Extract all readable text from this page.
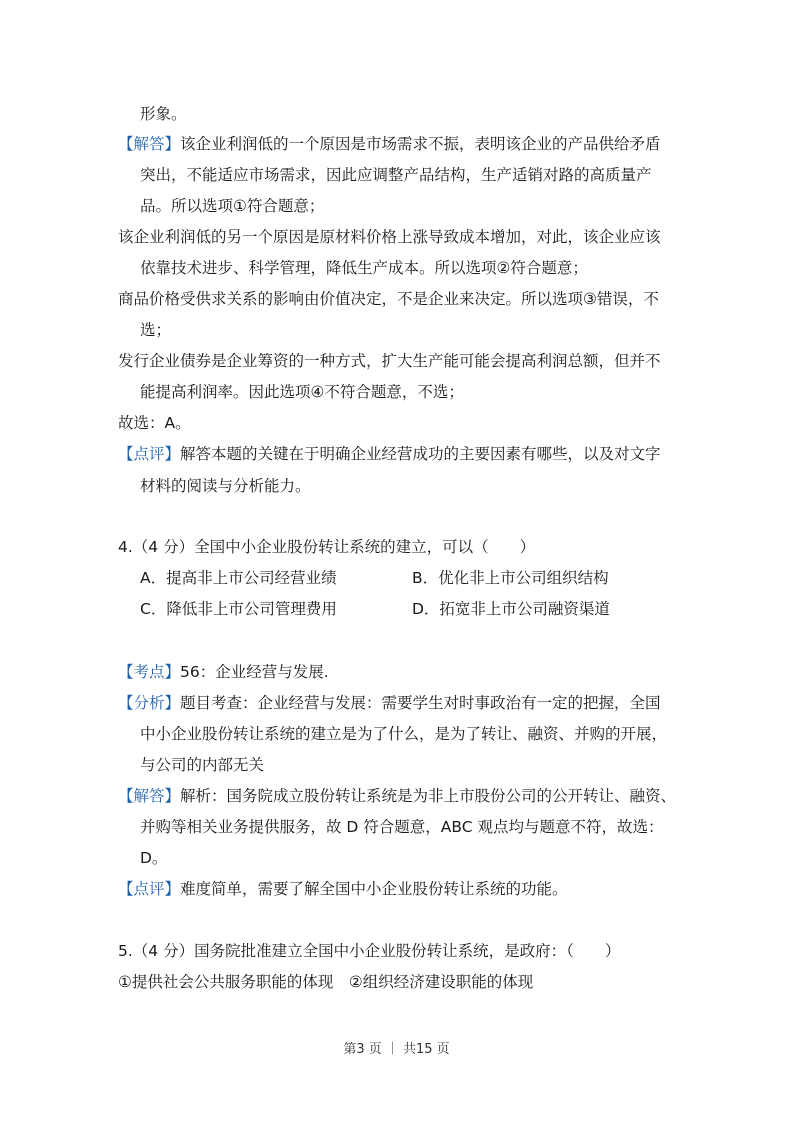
形象。
【解答】该企业利润低的一个原因是市场需求不振，表明该企业的产品供给矛盾
突出，不能适应市场需求，因此应调整产品结构，生产适销对路的高质量产
品。所以选项①符合题意；
该企业利润低的另一个原因是原材料价格上涨导致成本增加，对此，该企业应该
依靠技术进步、科学管理，降低生产成本。所以选项②符合题意；
商品价格受供求关系的影响由价值决定，不是企业来决定。所以选项③错误，不
选；
发行企业债券是企业筹资的一种方式，扩大生产能可能会提高利润总额，但并不
能提高利润率。因此选项④不符合题意，不选；
故选：A。
【点评】解答本题的关键在于明确企业经营成功的主要因素有哪些，以及对文字
材料的阅读与分析能力。
4.（4 分）全国中小企业股份转让系统的建立，可以（　　）
A．提高非上市公司经营业绩	B．优化非上市公司组织结构
C．降低非上市公司管理费用	D．拓宽非上市公司融资渠道
【考点】56：企业经营与发展.
【分析】题目考查：企业经营与发展：需要学生对时事政治有一定的把握，全国
中小企业股份转让系统的建立是为了什么，是为了转让、融资、并购的开展，
与公司的内部无关
【解答】解析：国务院成立股份转让系统是为非上市股份公司的公开转让、融资、
并购等相关业务提供服务，故 D 符合题意，ABC 观点均与题意不符，故选：
D。
【点评】难度简单，需要了解全国中小企业股份转让系统的功能。
5.（4 分）国务院批准建立全国中小企业股份转让系统，是政府：（　　）
①提供社会公共服务职能的体现　②组织经济建设职能的体现
第3 页 ｜ 共15 页
